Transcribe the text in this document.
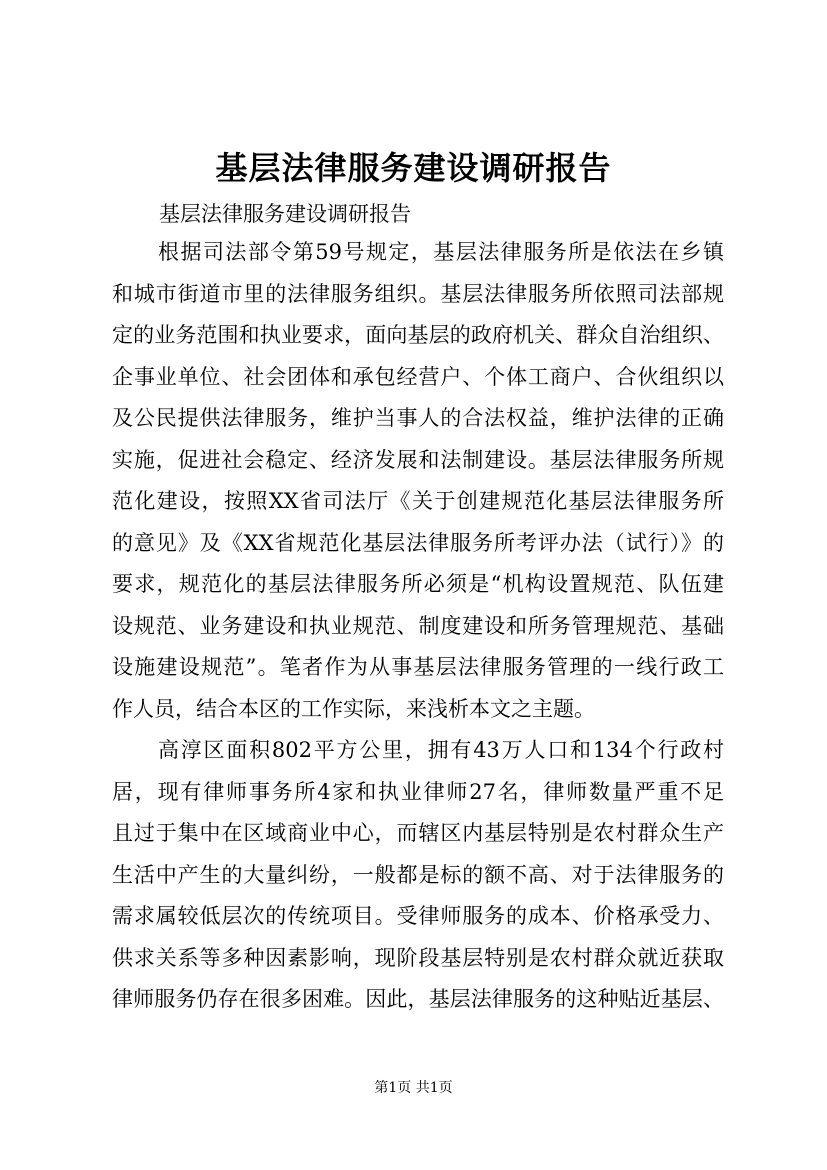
基层法律服务建设调研报告
基层法律服务建设调研报告
根据司法部令第59号规定，基层法律服务所是依法在乡镇
和城市街道市里的法律服务组织。基层法律服务所依照司法部规
定的业务范围和执业要求，面向基层的政府机关、群众自治组织、
企事业单位、社会团体和承包经营户、个体工商户、合伙组织以
及公民提供法律服务，维护当事人的合法权益，维护法律的正确
实施，促进社会稳定、经济发展和法制建设。基层法律服务所规
范化建设，按照XX省司法厅《关于创建规范化基层法律服务所
的意见》及《XX省规范化基层法律服务所考评办法（试行）》的
要求，规范化的基层法律服务所必须是“机构设置规范、队伍建
设规范、业务建设和执业规范、制度建设和所务管理规范、基础
设施建设规范”。笔者作为从事基层法律服务管理的一线行政工
作人员，结合本区的工作实际，来浅析本文之主题。
高淳区面积802平方公里，拥有43万人口和134个行政村
居，现有律师事务所4家和执业律师27名，律师数量严重不足
且过于集中在区域商业中心，而辖区内基层特别是农村群众生产
生活中产生的大量纠纷，一般都是标的额不高、对于法律服务的
需求属较低层次的传统项目。受律师服务的成本、价格承受力、
供求关系等多种因素影响，现阶段基层特别是农村群众就近获取
律师服务仍存在很多困难。因此，基层法律服务的这种贴近基层、
第1页 共1页
